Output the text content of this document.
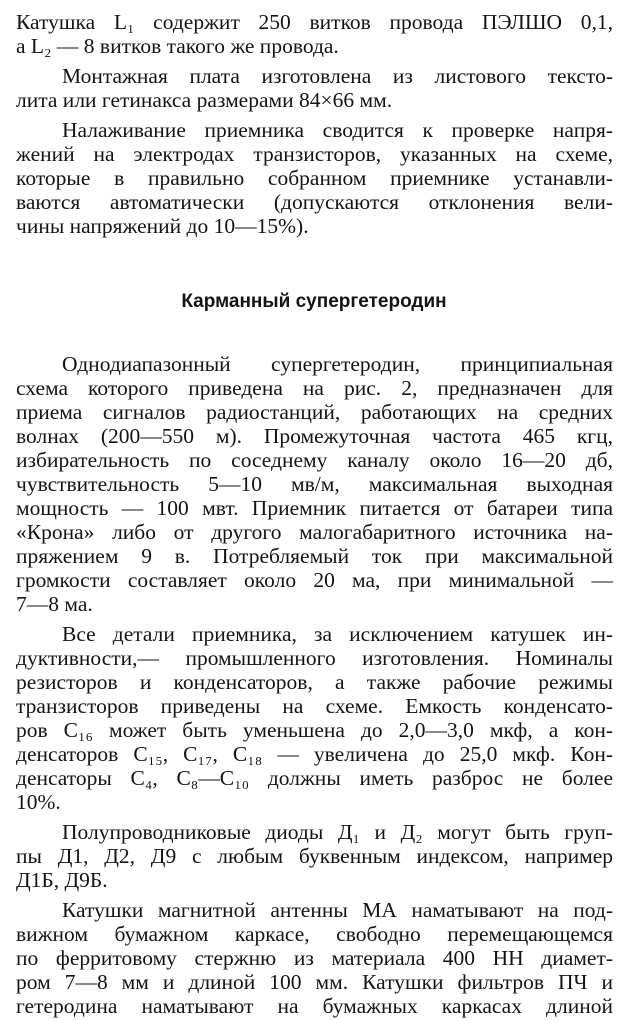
Катушка L₁ содержит 250 витков провода ПЭЛШО 0,1,
а L₂ — 8 витков такого же провода.
Монтажная плата изготовлена из листового тексто-
лита или гетинакса размерами 84×66 мм.
Налаживание приемника сводится к проверке напря-
жений на электродах транзисторов, указанных на схеме,
которые в правильно собранном приемнике устанавли-
ваются автоматически (допускаются отклонения вели-
чины напряжений до 10—15%).
Карманный супергетеродин
Однодиапазонный супергетеродин, принципиальная
схема которого приведена на рис. 2, предназначен для
приема сигналов радиостанций, работающих на средних
волнах (200—550 м). Промежуточная частота 465 кгц,
избирательность по соседнему каналу около 16—20 дб,
чувствительность 5—10 мв/м, максимальная выходная
мощность — 100 мвт. Приемник питается от батареи типа
«Крона» либо от другого малогабаритного источника на-
пряжением 9 в. Потребляемый ток при максимальной
громкости составляет около 20 ма, при минимальной —
7—8 ма.
Все детали приемника, за исключением катушек ин-
дуктивности,— промышленного изготовления. Номиналы
резисторов и конденсаторов, а также рабочие режимы
транзисторов приведены на схеме. Емкость конденсато-
ров C₁₆ может быть уменьшена до 2,0—3,0 мкф, а кон-
денсаторов C₁₅, C₁₇, C₁₈ — увеличена до 25,0 мкф. Кон-
денсаторы C₄, C₈—C₁₀ должны иметь разброс не более
10%.
Полупроводниковые диоды Д₁ и Д₂ могут быть груп-
пы Д1, Д2, Д9 с любым буквенным индексом, например
Д1Б, Д9Б.
Катушки магнитной антенны МА наматывают на под-
вижном бумажном каркасе, свободно перемещающемся
по ферритовому стержню из материала 400 НН диамет-
ром 7—8 мм и длиной 100 мм. Катушки фильтров ПЧ и
гетеродина наматывают на бумажных каркасах длиной
